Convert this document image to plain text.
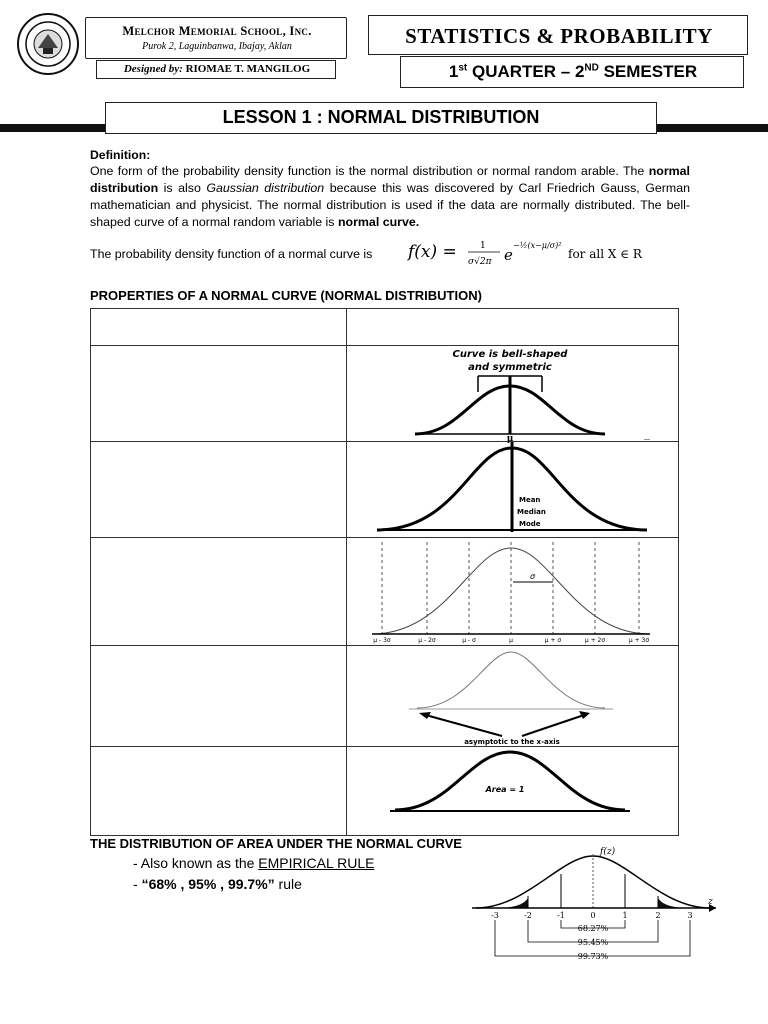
Melchor Memorial School, Inc.
Purok 2, Laguinbanwa, Ibajay, Aklan
Designed by: RIOMAE T. MANGILOG
STATISTICS & PROBABILITY
1st QUARTER – 2ND SEMESTER
LESSON 1 : NORMAL DISTRIBUTION
Definition:
One form of the probability density function is the normal distribution or normal random arable. The normal distribution is also Gaussian distribution because this was discovered by Carl Friedrich Gauss, German mathematician and physicist. The normal distribution is used if the data are normally distributed. The bell-shaped curve of a normal random variable is normal curve.
The probability density function of a normal curve is f(x) =	1
σ√2π e
−½(x−μ/σ)²
for all X ∈ R
PROPERTIES OF A NORMAL CURVE (NORMAL DISTRIBUTION)
Curve is bell-shaped
and symmetric
μ
Mean
Median
Mode
σ
μ - 3σ	μ - 2σ	μ - σ	μ	μ + σ	μ + 2σ	μ + 3σ
asymptotic to the x-axis
Area = 1
THE DISTRIBUTION OF AREA UNDER THE NORMAL CURVE
- Also known as the EMPIRICAL RULE
- “68% , 95% , 99.7%” rule
f(z)
z
-3	-2	-1	0	1	2	3
68.27%
95.45%
99.73%
